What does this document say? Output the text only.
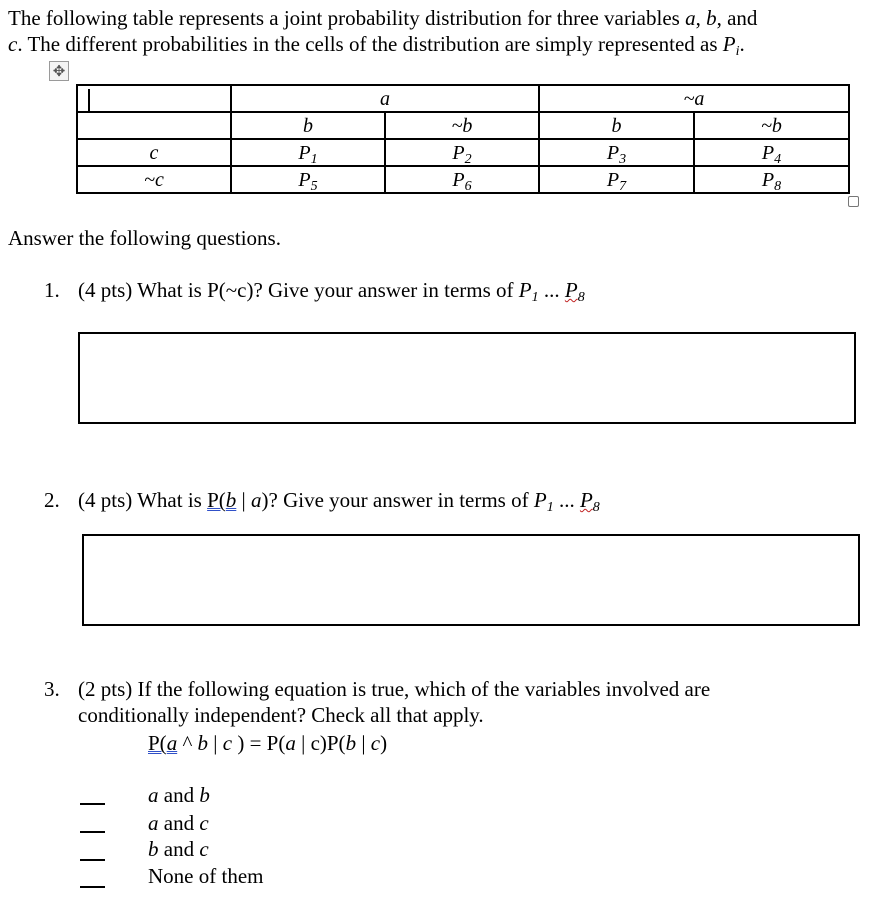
The following table represents a joint probability distribution for three variables a, b, and
c. The different probabilities in the cells of the distribution are simply represented as $P_i$.
✥
	a		~a	
	b	~b	b	~b
c	$P_1$	$P_2$	$P_3$	$P_4$
~c	$P_5$	$P_6$	$P_7$	$P_8$
Answer the following questions.
1. (4 pts) What is P(~c)? Give your answer in terms of $P_1$ ... $P_8$
2. (4 pts) What is P(b | a)? Give your answer in terms of $P_1$ ... $P_8$
3. (2 pts) If the following equation is true, which of the variables involved are
conditionally independent? Check all that apply.
P(a ^ b | c ) = P(a | c)P(b | c)
a and b
a and c
b and c
None of them
